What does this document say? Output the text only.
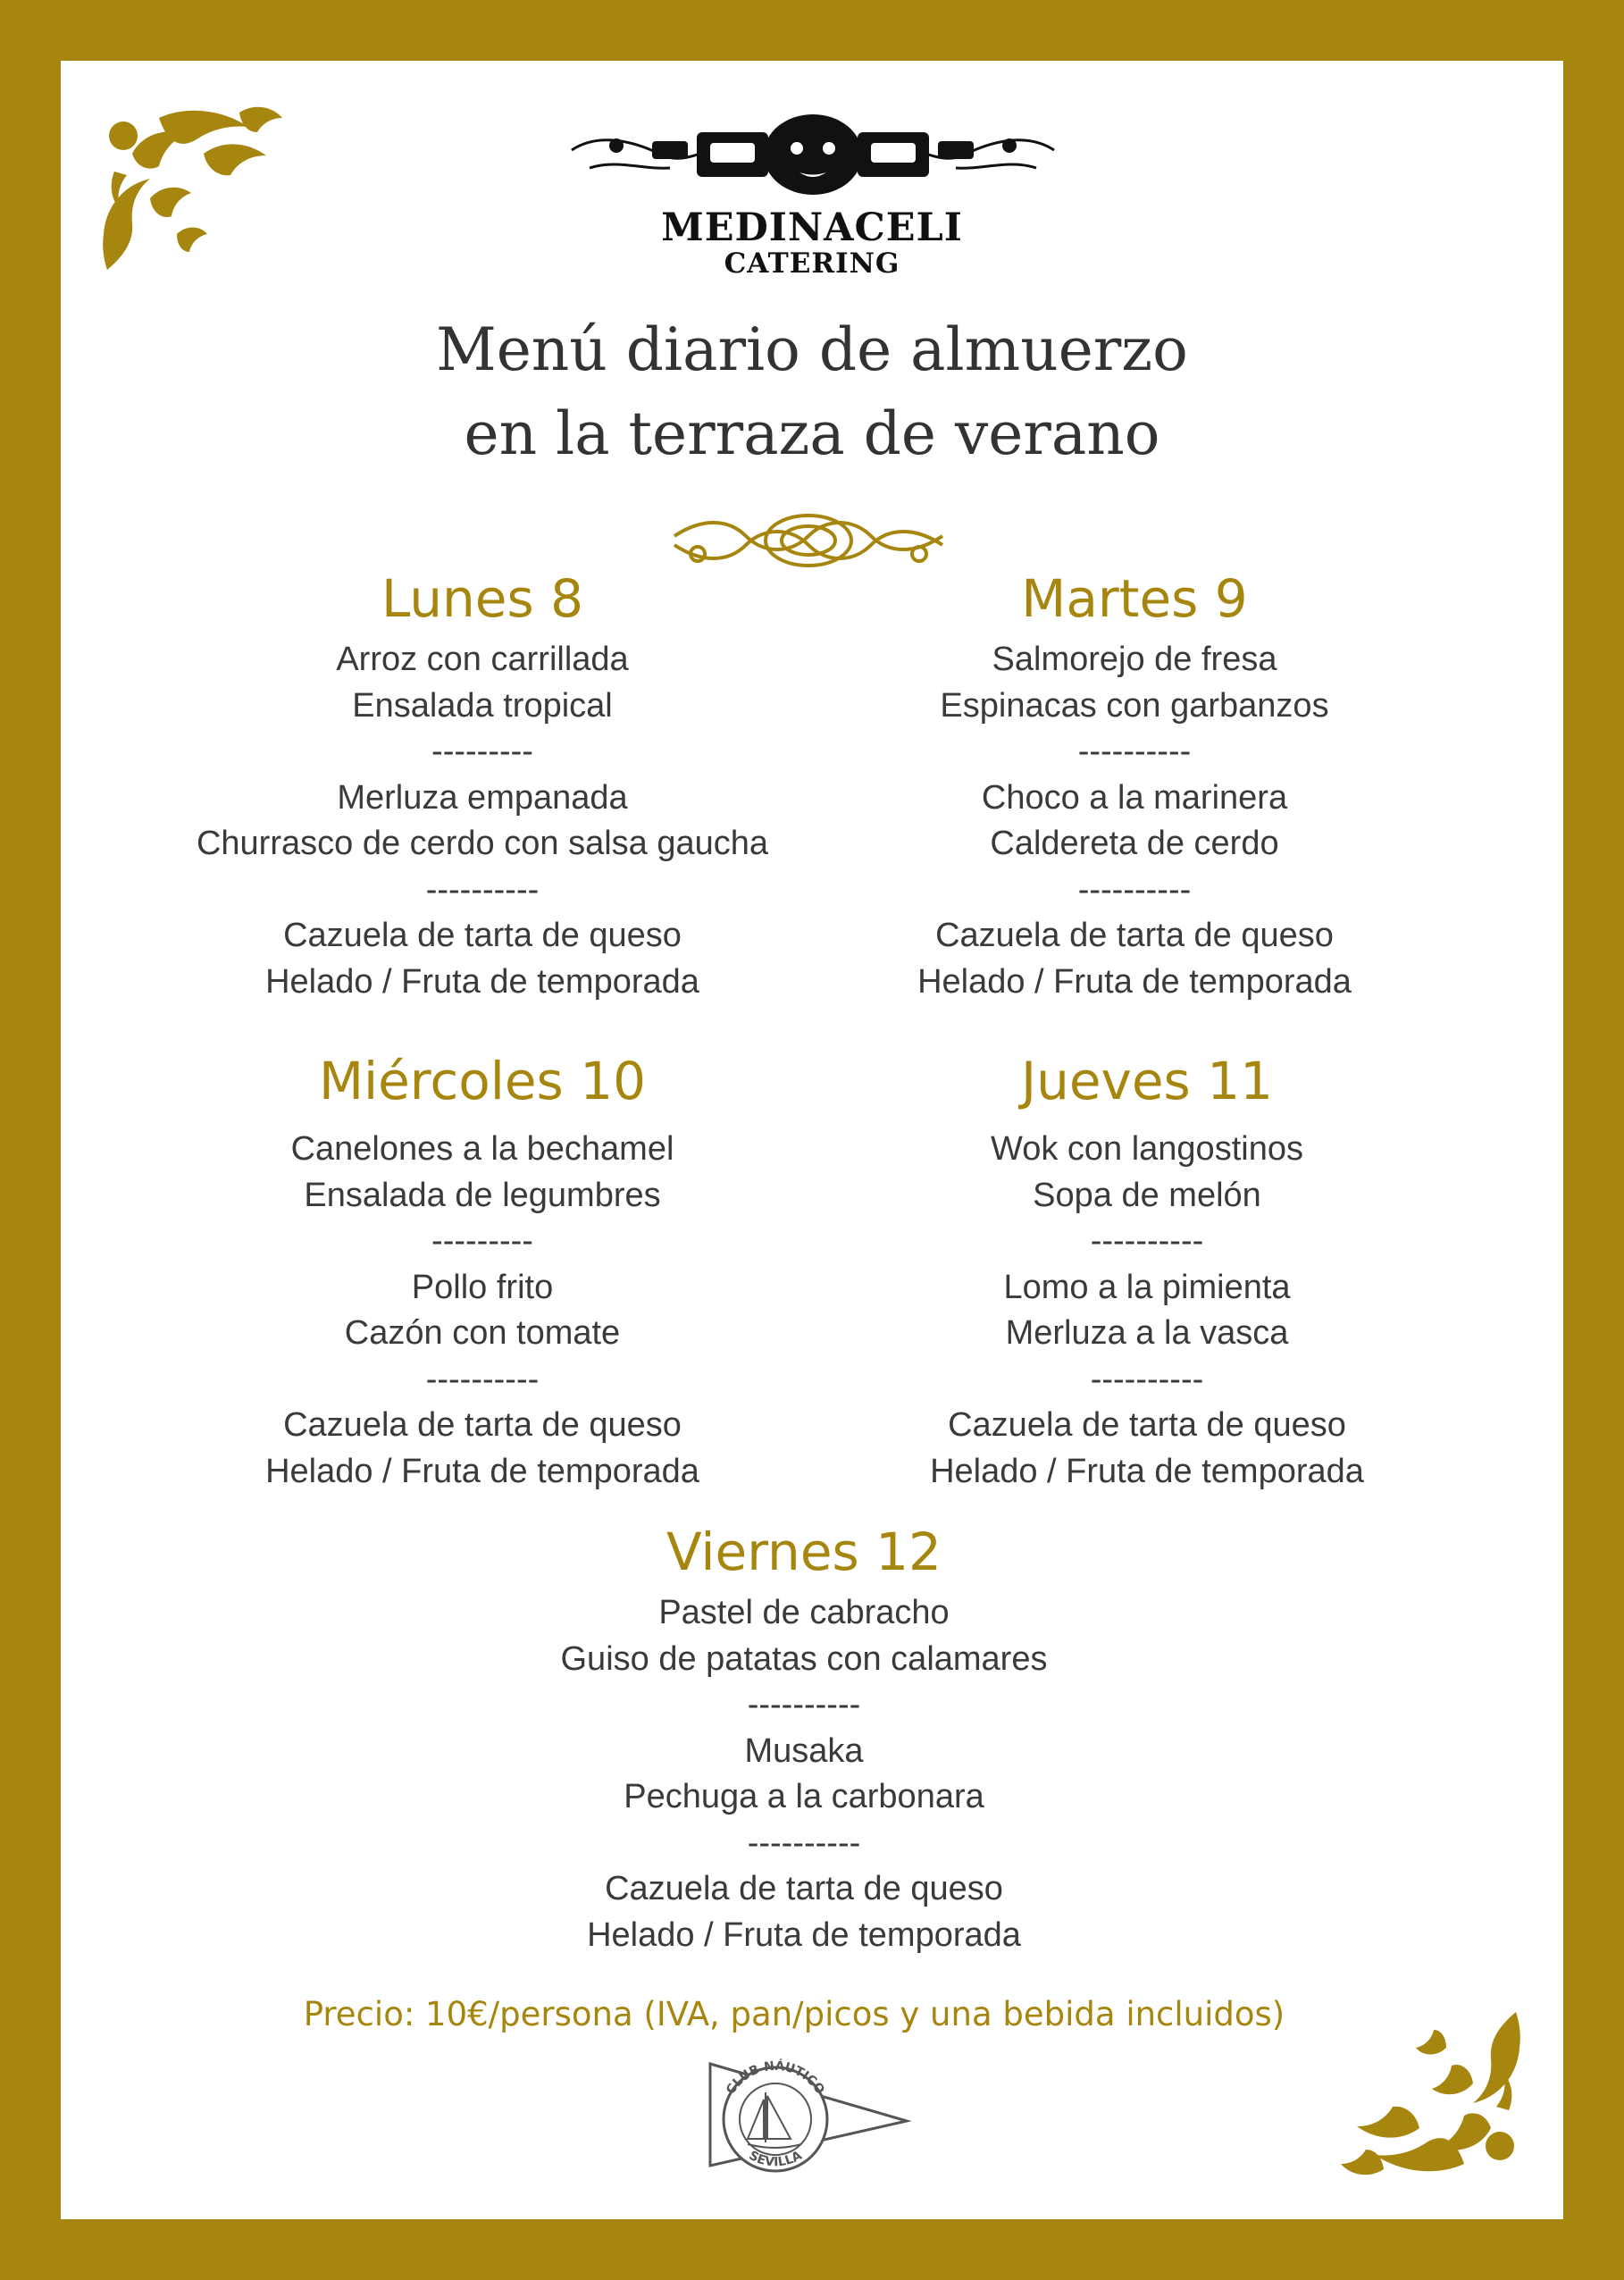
MEDINACELI
CATERING
Menú diario de almuerzo
en la terraza de verano
Lunes 8
Arroz con carrillada
Ensalada tropical
---------
Merluza empanada
Churrasco de cerdo con salsa gaucha
----------
Cazuela de tarta de queso
Helado / Fruta de temporada
Martes 9
Salmorejo de fresa
Espinacas con garbanzos
----------
Choco a la marinera
Caldereta de cerdo
----------
Cazuela de tarta de queso
Helado / Fruta de temporada
Miércoles 10
Canelones a la bechamel
Ensalada de legumbres
---------
Pollo frito
Cazón con tomate
----------
Cazuela de tarta de queso
Helado / Fruta de temporada
Jueves 11
Wok con langostinos
Sopa de melón
----------
Lomo a la pimienta
Merluza a la vasca
----------
Cazuela de tarta de queso
Helado / Fruta de temporada
Viernes 12
Pastel de cabracho
Guiso de patatas con calamares
----------
Musaka
Pechuga a la carbonara
----------
Cazuela de tarta de queso
Helado / Fruta de temporada
Precio: 10€/persona (IVA, pan/picos y una bebida incluidos)
CLUB NÁUTICO
SEVILLA
